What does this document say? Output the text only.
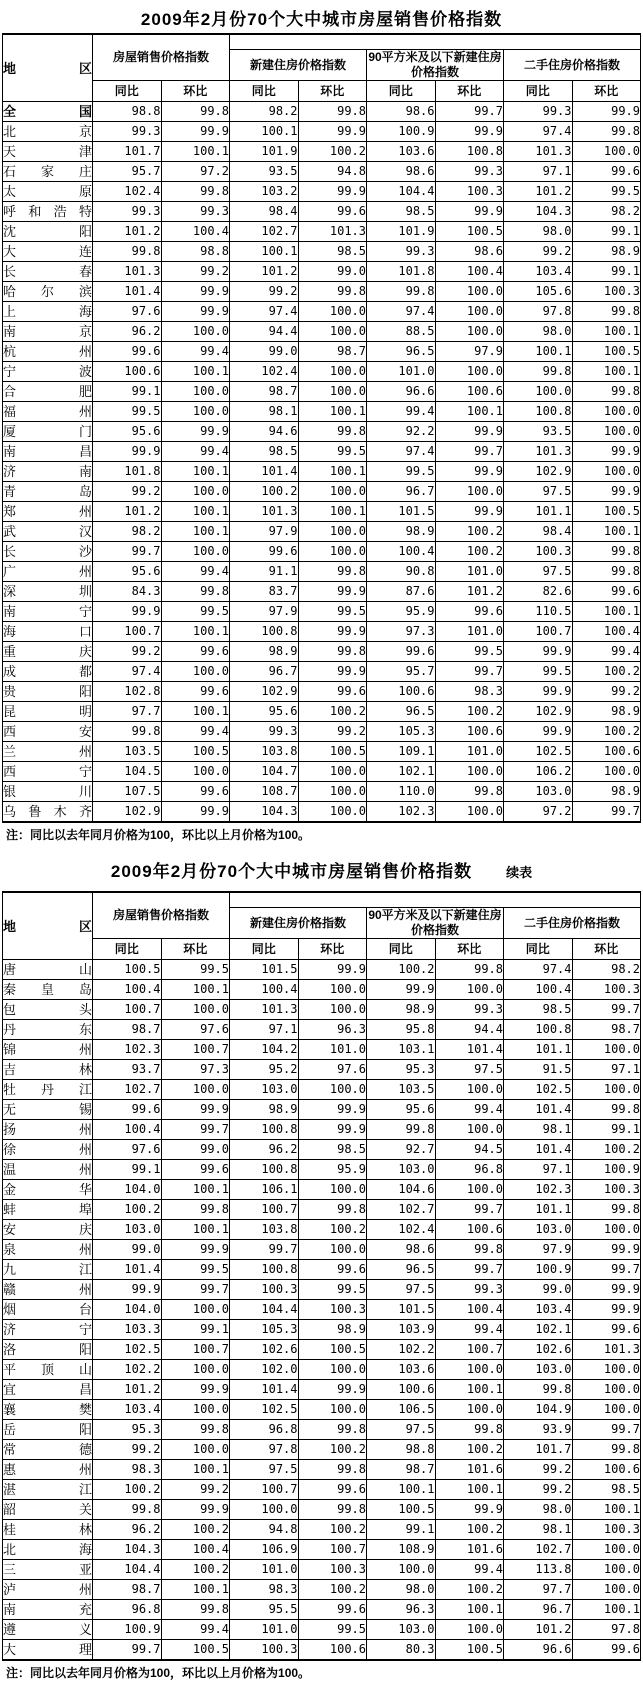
2009年2月份70个大中城市房屋销售价格指数
地区	房屋销售价格指数							
			新建住房价格指数		90平方米及以下新建住房价格指数		二手住房价格指数	
	同比	环比	同比	环比	同比	环比	同比	环比
全国	98.8	99.8	98.2	99.8	98.6	99.7	99.3	99.9
北京	99.3	99.9	100.1	99.9	100.9	99.9	97.4	99.8
天津	101.7	100.1	101.9	100.2	103.6	100.8	101.3	100.0
石家庄	95.7	97.2	93.5	94.8	98.6	99.3	97.1	99.6
太原	102.4	99.8	103.2	99.9	104.4	100.3	101.2	99.5
呼和浩特	99.3	99.3	98.4	99.6	98.5	99.9	104.3	98.2
沈阳	101.2	100.4	102.7	101.3	101.9	100.5	98.0	99.1
大连	99.8	98.8	100.1	98.5	99.3	98.6	99.2	98.9
长春	101.3	99.2	101.2	99.0	101.8	100.4	103.4	99.1
哈尔滨	101.4	99.9	99.2	99.8	99.8	100.0	105.6	100.3
上海	97.6	99.9	97.4	100.0	97.4	100.0	97.8	99.8
南京	96.2	100.0	94.4	100.0	88.5	100.0	98.0	100.1
杭州	99.6	99.4	99.0	98.7	96.5	97.9	100.1	100.5
宁波	100.6	100.1	102.4	100.0	101.0	100.0	99.8	100.1
合肥	99.1	100.0	98.7	100.0	96.6	100.6	100.0	99.8
福州	99.5	100.0	98.1	100.1	99.4	100.1	100.8	100.0
厦门	95.6	99.9	94.6	99.8	92.2	99.9	93.5	100.0
南昌	99.9	99.4	98.5	99.5	97.4	99.7	101.3	99.9
济南	101.8	100.1	101.4	100.1	99.5	99.9	102.9	100.0
青岛	99.2	100.0	100.2	100.0	96.7	100.0	97.5	99.9
郑州	101.2	100.1	101.3	100.1	101.5	99.9	101.1	100.5
武汉	98.2	100.1	97.9	100.0	98.9	100.2	98.4	100.1
长沙	99.7	100.0	99.6	100.0	100.4	100.2	100.3	99.8
广州	95.6	99.4	91.1	99.8	90.8	101.0	97.5	99.8
深圳	84.3	99.8	83.7	99.9	87.6	101.2	82.6	99.6
南宁	99.9	99.5	97.9	99.5	95.9	99.6	110.5	100.1
海口	100.7	100.1	100.8	99.9	97.3	101.0	100.7	100.4
重庆	99.2	99.6	98.9	99.8	99.6	99.5	99.9	99.4
成都	97.4	100.0	96.7	99.9	95.7	99.7	99.5	100.2
贵阳	102.8	99.6	102.9	99.6	100.6	98.3	99.9	99.2
昆明	97.7	100.1	95.6	100.2	96.5	100.2	102.9	98.9
西安	99.8	99.4	99.3	99.2	105.3	100.6	99.9	100.2
兰州	103.5	100.5	103.8	100.5	109.1	101.0	102.5	100.6
西宁	104.5	100.0	104.7	100.0	102.1	100.0	106.2	100.0
银川	107.5	99.6	108.7	100.0	110.0	99.8	103.0	98.9
乌鲁木齐	102.9	99.9	104.3	100.0	102.3	100.0	97.2	99.7

注：同比以去年同月价格为100，环比以上月价格为100。

2009年2月份70个大中城市房屋销售价格指数	续表
地区	房屋销售价格指数							
			新建住房价格指数		90平方米及以下新建住房价格指数		二手住房价格指数	
	同比	环比	同比	环比	同比	环比	同比	环比
唐山	100.5	99.5	101.5	99.9	100.2	99.8	97.4	98.2
秦皇岛	100.4	100.1	100.4	100.0	99.9	100.0	100.4	100.3
包头	100.7	100.0	101.3	100.0	98.9	99.3	98.5	99.7
丹东	98.7	97.6	97.1	96.3	95.8	94.4	100.8	98.7
锦州	102.3	100.7	104.2	101.0	103.1	101.4	101.1	100.0
吉林	93.7	97.3	95.2	97.6	95.3	97.5	91.5	97.1
牡丹江	102.7	100.0	103.0	100.0	103.5	100.0	102.5	100.0
无锡	99.6	99.9	98.9	99.9	95.6	99.4	101.4	99.8
扬州	100.4	99.7	100.8	99.9	99.8	100.0	98.1	99.1
徐州	97.6	99.0	96.2	98.5	92.7	94.5	101.4	100.2
温州	99.1	99.6	100.8	95.9	103.0	96.8	97.1	100.9
金华	104.0	100.1	106.1	100.0	104.6	100.0	102.3	100.3
蚌埠	100.2	99.8	100.7	99.8	102.7	99.7	101.1	99.8
安庆	103.0	100.1	103.8	100.2	102.4	100.6	103.0	100.0
泉州	99.0	99.9	99.7	100.0	98.6	99.8	97.9	99.9
九江	101.4	99.5	100.8	99.6	96.5	99.7	100.9	99.7
赣州	99.9	99.7	100.3	99.5	97.5	99.3	99.0	99.9
烟台	104.0	100.0	104.4	100.3	101.5	100.4	103.4	99.9
济宁	103.3	99.1	105.3	98.9	103.9	99.4	102.1	99.6
洛阳	102.5	100.7	102.6	100.5	102.2	100.7	102.6	101.3
平顶山	102.2	100.0	102.0	100.0	103.6	100.0	103.0	100.0
宜昌	101.2	99.9	101.4	99.9	100.6	100.1	99.8	100.0
襄樊	103.4	100.0	102.5	100.0	106.5	100.0	104.9	100.0
岳阳	95.3	99.8	96.8	99.8	97.5	99.8	93.9	99.7
常德	99.2	100.0	97.8	100.2	98.8	100.2	101.7	99.8
惠州	98.3	100.1	97.5	99.8	98.7	101.6	99.2	100.6
湛江	100.2	99.2	100.7	99.6	100.1	100.1	99.2	98.5
韶关	99.8	99.9	100.0	99.8	100.5	99.9	98.0	100.1
桂林	96.2	100.2	94.8	100.2	99.1	100.2	98.1	100.3
北海	104.3	100.4	106.9	100.7	108.9	101.6	102.7	100.0
三亚	104.4	100.2	101.0	100.3	100.0	99.4	113.8	100.0
泸州	98.7	100.1	98.3	100.2	98.0	100.2	97.7	100.0
南充	96.8	99.8	95.5	99.6	96.3	100.1	96.7	100.1
遵义	100.9	99.4	101.0	99.5	103.0	100.0	101.2	97.8
大理	99.7	100.5	100.3	100.6	80.3	100.5	96.6	99.6

注：同比以去年同月价格为100，环比以上月价格为100。
